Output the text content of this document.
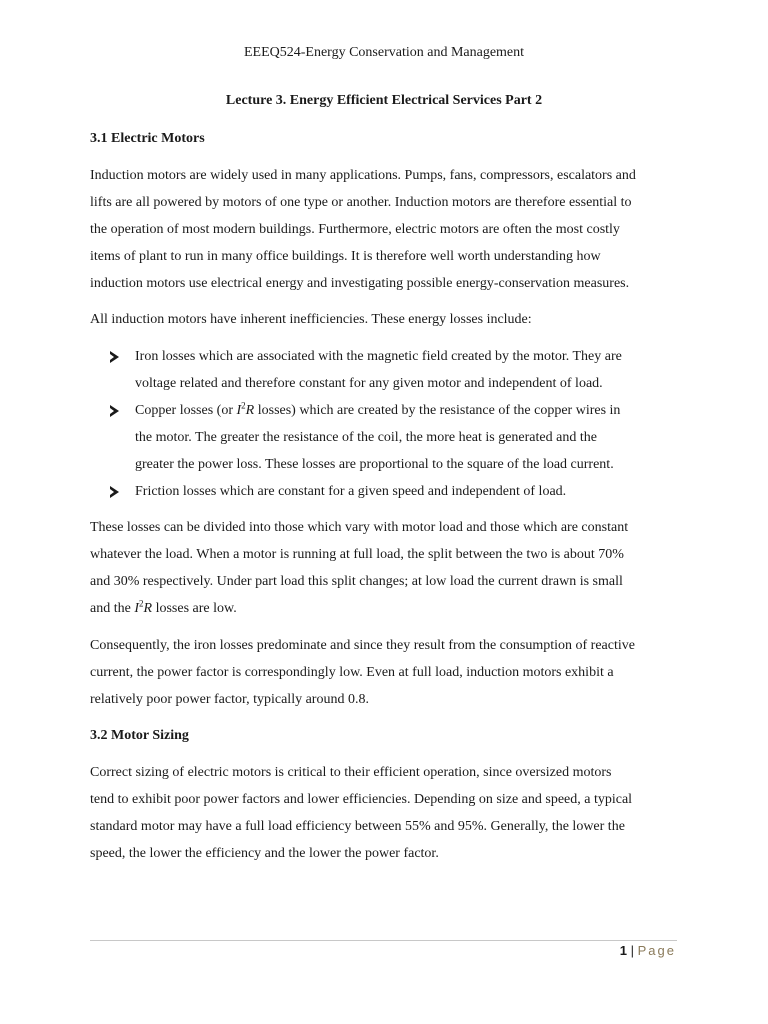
EEEQ524-Energy Conservation and Management
Lecture 3. Energy Efficient Electrical Services Part 2
3.1 Electric Motors
Induction motors are widely used in many applications. Pumps, fans, compressors, escalators and
lifts are all powered by motors of one type or another. Induction motors are therefore essential to
the operation of most modern buildings. Furthermore, electric motors are often the most costly
items of plant to run in many office buildings. It is therefore well worth understanding how
induction motors use electrical energy and investigating possible energy-conservation measures.
All induction motors have inherent inefficiencies. These energy losses include:
Iron losses which are associated with the magnetic field created by the motor. They are
voltage related and therefore constant for any given motor and independent of load.
Copper losses (or $I^2R$ losses) which are created by the resistance of the copper wires in
the motor. The greater the resistance of the coil, the more heat is generated and the
greater the power loss. These losses are proportional to the square of the load current.
Friction losses which are constant for a given speed and independent of load.
These losses can be divided into those which vary with motor load and those which are constant
whatever the load. When a motor is running at full load, the split between the two is about 70%
and 30% respectively. Under part load this split changes; at low load the current drawn is small
and the $I^2R$ losses are low.
Consequently, the iron losses predominate and since they result from the consumption of reactive
current, the power factor is correspondingly low. Even at full load, induction motors exhibit a
relatively poor power factor, typically around 0.8.
3.2 Motor Sizing
Correct sizing of electric motors is critical to their efficient operation, since oversized motors
tend to exhibit poor power factors and lower efficiencies. Depending on size and speed, a typical
standard motor may have a full load efficiency between 55% and 95%. Generally, the lower the
speed, the lower the efficiency and the lower the power factor.
1 | Page
